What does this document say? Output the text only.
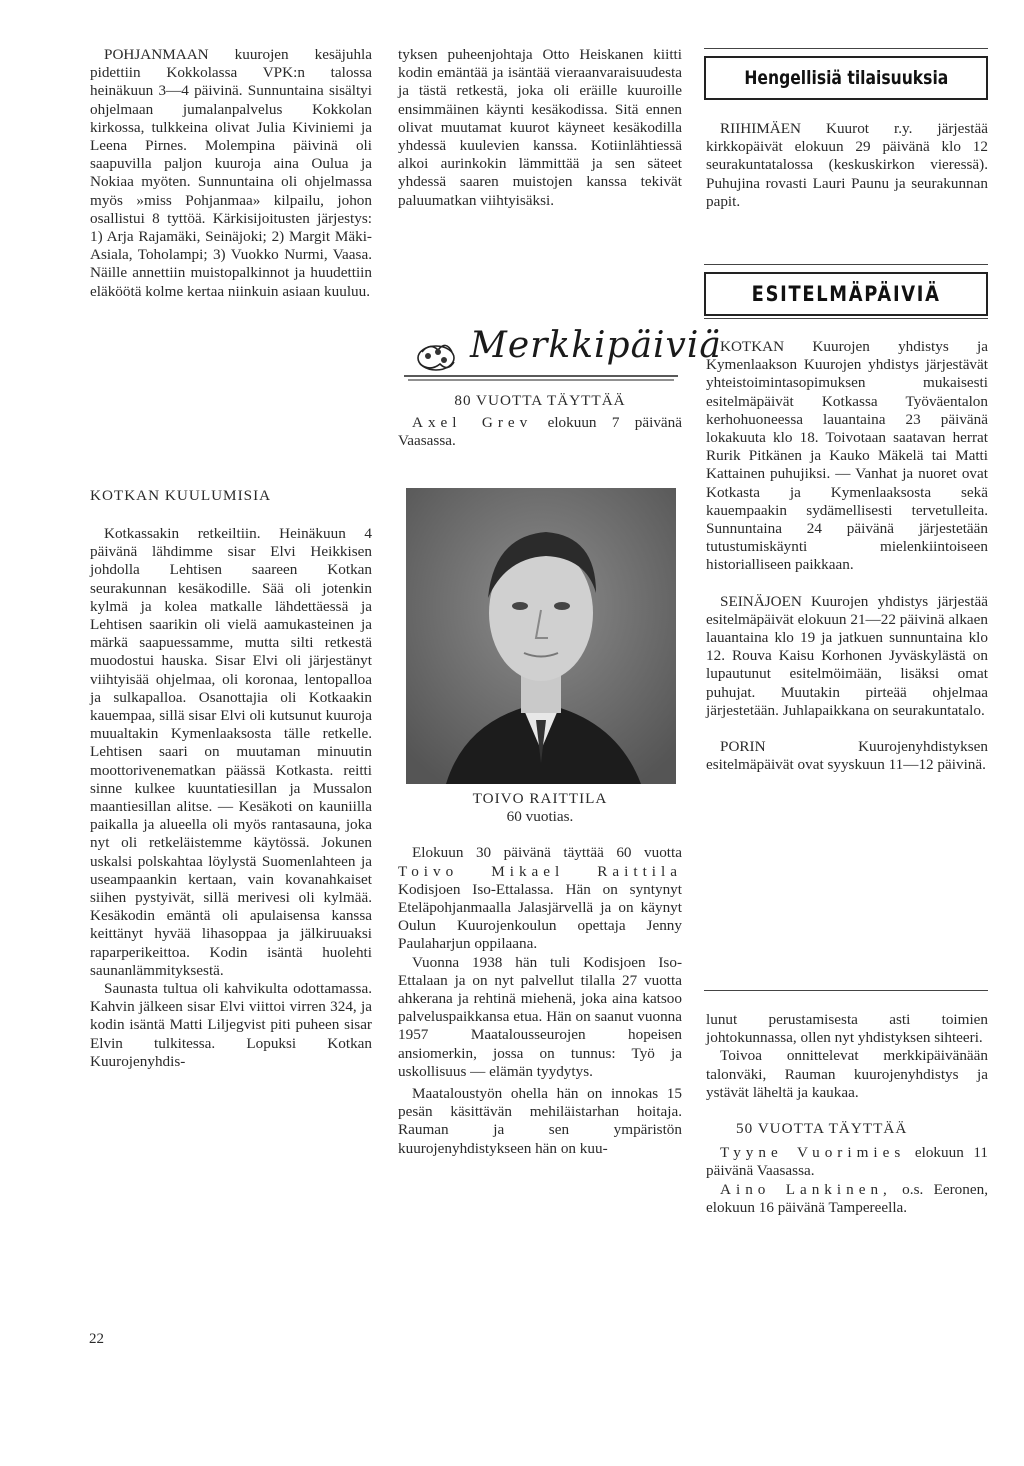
POHJANMAAN kuurojen kesäjuhla pidettiin Kokkolassa VPK:n talossa heinäkuun 3—4 päivinä. Sunnuntaina sisältyi ohjelmaan jumalanpalvelus Kokkolan kirkossa, tulkkeina olivat Julia Kiviniemi ja Leena Pirnes. Molempina päivinä oli saapuvilla paljon kuuroja aina Oulua ja Nokiaa myöten. Sunnuntaina oli ohjelmassa myös »miss Pohjanmaa» kilpailu, johon osallistui 8 tyttöä. Kärkisijoitusten järjestys: 1) Arja Rajamäki, Seinäjoki; 2) Margit Mäki-Asiala, Toholampi; 3) Vuokko Nurmi, Vaasa. Näille annettiin muistopalkinnot ja huudettiin eläköötä kolme kertaa niinkuin asiaan kuuluu.

KOTKAN KUULUMISIA

Kotkassakin retkeiltiin. Heinäkuun 4 päivänä lähdimme sisar Elvi Heikkisen johdolla Lehtisen saareen Kotkan seurakunnan kesäkodille. Sää oli jotenkin kylmä ja kolea matkalle lähdettäessä ja Lehtisen saarikin oli vielä aamukasteinen ja märkä saapuessamme, mutta silti retkestä muodostui hauska. Sisar Elvi oli järjestänyt viihtyisää ohjelmaa, oli koronaa, lentopalloa ja sulkapalloa. Osanottajia oli Kotkaakin kauempaa, sillä sisar Elvi oli kutsunut kuuroja muualtakin Kymenlaaksosta tälle retkelle. Lehtisen saari on muutaman minuutin moottorivenematkan päässä Kotkasta. reitti sinne kulkee kuuntatiesillan ja Mussalon maantiesillan alitse. — Kesäkoti on kauniilla paikalla ja alueella oli myös rantasauna, joka nyt oli retkeläistemme käytössä. Jokunen uskalsi polskahtaa löylystä Suomenlahteen ja useampaankin kertaan, vain kovanahkaiset siihen pystyivät, sillä merivesi oli kylmää. Kesäkodin emäntä oli apulaisensa kanssa keittänyt hyvää lihasoppaa ja jälkiruuaksi raparperikeittoa. Kodin isäntä huolehti saunanlämmityksestä.

Saunasta tultua oli kahvikulta odottamassa. Kahvin jälkeen sisar Elvi viittoi virren 324, ja kodin isäntä Matti Liljegvist piti puheen sisar Elvin tulkitessa. Lopuksi Kotkan Kuurojenyhdis-

tyksen puheenjohtaja Otto Heiskanen kiitti kodin emäntää ja isäntää vieraanvaraisuudesta ja tästä retkestä, joka oli eräille kuuroille ensimmäinen käynti kesäkodissa. Sitä ennen olivat muutamat kuurot käyneet kesäkodilla yhdessä kuulevien kanssa. Kotiinlähtiessä alkoi aurinkokin lämmittää ja sen säteet yhdessä saaren muistojen kanssa tekivät paluumatkan viihtyisäksi.

Merkkipäiviä

80 VUOTTA TÄYTTÄÄ

Axel Grev elokuun 7 päivänä Vaasassa.

TOIVO RAITTILA

60 vuotias.

Elokuun 30 päivänä täyttää 60 vuotta Toivo Mikael Raittila Kodisjoen Iso-Ettalassa. Hän on syntynyt Eteläpohjanmaalla Jalasjärvellä ja on käynyt Oulun Kuurojenkoulun opettaja Jenny Paulaharjun oppilaana.

Vuonna 1938 hän tuli Kodisjoen Iso-Ettalaan ja on nyt palvellut tilalla 27 vuotta ahkerana ja rehtinä miehenä, joka aina katsoo palveluspaikkansa etua. Hän on saanut vuonna 1957 Maatalousseurojen hopeisen ansiomerkin, jossa on tunnus: Työ ja uskollisuus — elämän tyydytys.

Maataloustyön ohella hän on innokas 15 pesän käsittävän mehiläistarhan hoitaja. Rauman ja sen ympäristön kuurojenyhdistykseen hän on kuu-

Hengellisiä tilaisuuksia

RIIHIMÄEN Kuurot r.y. järjestää kirkkopäivät elokuun 29 päivänä klo 12 seurakuntatalossa (keskuskirkon vieressä). Puhujina rovasti Lauri Paunu ja seurakunnan papit.

ESITELMÄPÄIVIÄ

KOTKAN Kuurojen yhdistys ja Kymenlaakson Kuurojen yhdistys järjestävät yhteistoimintasopimuksen mukaisesti esitelmäpäivät Kotkassa Työväentalon kerhohuoneessa lauantaina 23 päivänä lokakuuta klo 18. Toivotaan saatavan herrat Rurik Pitkänen ja Kauko Mäkelä tai Matti Kattainen puhujiksi. — Vanhat ja nuoret ovat Kotkasta ja Kymenlaaksosta sekä kauempaakin sydämellisesti tervetulleita. Sunnuntaina 24 päivänä järjestetään tutustumiskäynti mielenkiintoiseen historialliseen paikkaan.

SEINÄJOEN Kuurojen yhdistys järjestää esitelmäpäivät elokuun 21—22 päivinä alkaen lauantaina klo 19 ja jatkuen sunnuntaina klo 12. Rouva Kaisu Korhonen Jyväskylästä on lupautunut esitelmöimään, lisäksi omat puhujat. Muutakin pirteää ohjelmaa järjestetään. Juhlapaikkana on seurakuntatalo.

PORIN Kuurojenyhdistyksen esitelmäpäivät ovat syyskuun 11—12 päivinä.

lunut perustamisesta asti toimien johtokunnassa, ollen nyt yhdistyksen sihteeri.

Toivoa onnittelevat merkkipäivänään talonväki, Rauman kuurojenyhdistys ja ystävät läheltä ja kaukaa.

50 VUOTTA TÄYTTÄÄ

Tyyne Vuorimies elokuun 11 päivänä Vaasassa.

Aino Lankinen, o.s. Eeronen, elokuun 16 päivänä Tampereella.

22
